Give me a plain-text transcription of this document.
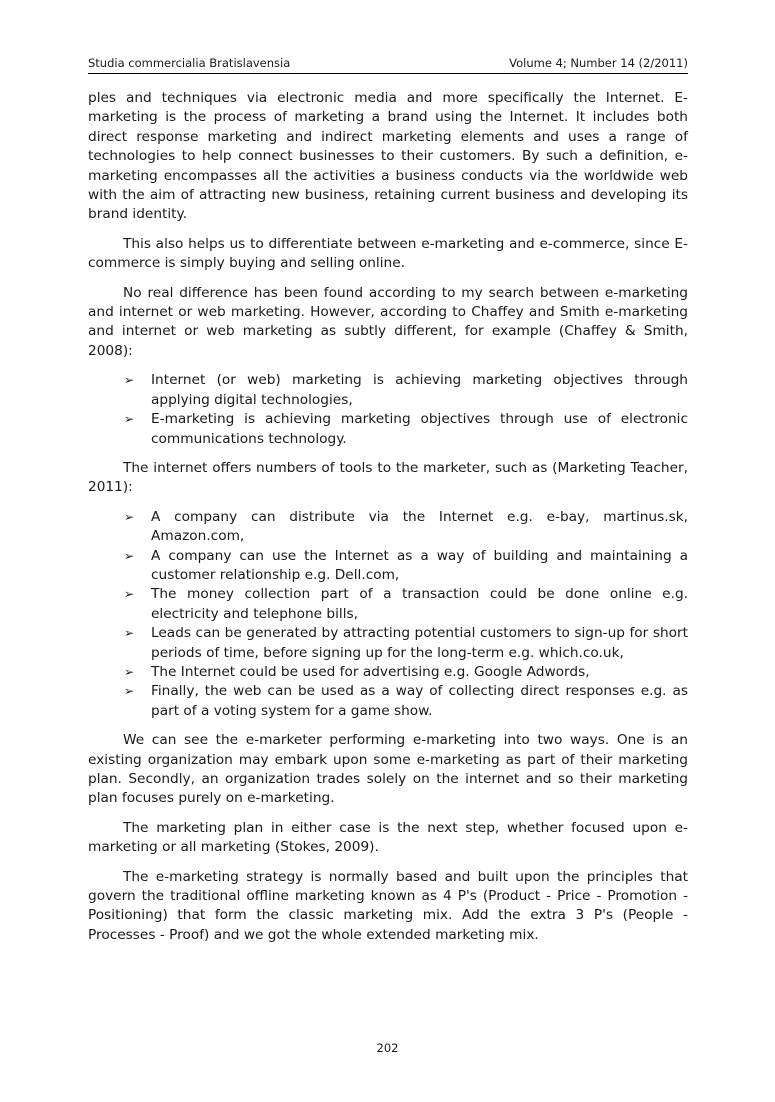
Studia commercialia Bratislavensia	Volume 4; Number 14 (2/2011)

ples and techniques via electronic media and more specifically the Internet. E-marketing is the process of marketing a brand using the Internet. It includes both direct response marketing and indirect marketing elements and uses a range of technologies to help connect businesses to their customers. By such a definition, e-marketing encompasses all the activities a business conducts via the worldwide web with the aim of attracting new business, retaining current business and developing its brand identity.

This also helps us to differentiate between e-marketing and e-commerce, since E-commerce is simply buying and selling online.

No real difference has been found according to my search between e-marketing and internet or web marketing. However, according to Chaffey and Smith e-marketing and internet or web marketing as subtly different, for example (Chaffey & Smith, 2008):

➢ Internet (or web) marketing is achieving marketing objectives through applying digital technologies,
➢ E-marketing is achieving marketing objectives through use of electronic communications technology.

The internet offers numbers of tools to the marketer, such as (Marketing Teacher, 2011):

➢ A company can distribute via the Internet e.g. e-bay, martinus.sk, Amazon.com,
➢ A company can use the Internet as a way of building and maintaining a customer relationship e.g. Dell.com,
➢ The money collection part of a transaction could be done online e.g. electricity and telephone bills,
➢ Leads can be generated by attracting potential customers to sign-up for short periods of time, before signing up for the long-term e.g. which.co.uk,
➢ The Internet could be used for advertising e.g. Google Adwords,
➢ Finally, the web can be used as a way of collecting direct responses e.g. as part of a voting system for a game show.

We can see the e-marketer performing e-marketing into two ways. One is an existing organization may embark upon some e-marketing as part of their marketing plan. Secondly, an organization trades solely on the internet and so their marketing plan focuses purely on e-marketing.

The marketing plan in either case is the next step, whether focused upon e-marketing or all marketing (Stokes, 2009).

The e-marketing strategy is normally based and built upon the principles that govern the traditional offline marketing known as 4 P's (Product - Price - Promotion - Positioning) that form the classic marketing mix. Add the extra 3 P's (People - Processes - Proof) and we got the whole extended marketing mix.

202
